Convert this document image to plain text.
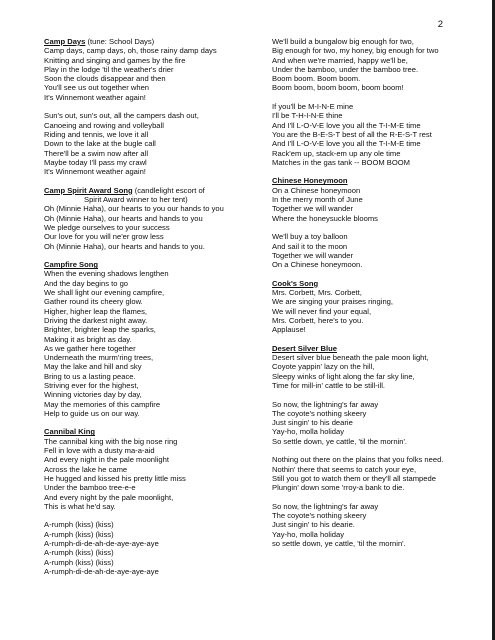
2

Camp Days (tune: School Days)

Camp days, camp days, oh, those rainy damp days

Knitting and singing and games by the fire

Play in the lodge 'til the weather's drier

Soon the clouds disappear and then

You'll see us out together when

It's Winnemont weather again!

Sun's out, sun's out, all the campers dash out,

Canoeing and rowing and volleyball

Riding and tennis, we love it all

Down to the lake at the bugle call

There'll be a swim now after all

Maybe today I'll pass my crawl

It's Winnemont weather again!

Camp Spirit Award Song (candlelight escort of

Spirit Award winner to her tent)

Oh (Minnie Haha), our hearts to you our hands to you

Oh (Minnie Haha), our hearts and hands to you

We pledge ourselves to your success

Our love for you will ne'er grow less

Oh (Minnie Haha), our hearts and hands to you.

Campfire Song

When the evening shadows lengthen

And the day begins to go

We shall light our evening campfire,

Gather round its cheery glow.

Higher, higher leap the flames,

Driving the darkest night away.

Brighter, brighter leap the sparks,

Making it as bright as day.

As we gather here together

Underneath the murm'ring trees,

May the lake and hill and sky

Bring to us a lasting peace.

Striving ever for the highest,

Winning victories day by day,

May the memories of this campfire

Help to guide us on our way.

Cannibal King

The cannibal king with the big nose ring

Fell in love with a dusty ma-a-aid

And every night in the pale moonlight

Across the lake he came

He hugged and kissed his pretty little miss

Under the bamboo tree-e-e

And every night by the pale moonlight,

This is what he'd say.

A-rumph (kiss) (kiss)

A-rumph (kiss) (kiss)

A-rumph-di-de-ah-de-aye-aye-aye

A-rumph (kiss) (kiss)

A-rumph (kiss) (kiss)

A-rumph-di-de-ah-de-aye-aye-aye

We'll build a bungalow big enough for two,

Big enough for two, my honey, big enough for two

And when we're married, happy we'll be,

Under the bamboo, under the bamboo tree.

Boom boom. Boom boom.

Boom boom, boom boom, boom boom!

If you'll be M-I-N-E mine

I'll be T-H-I-N-E thine

And I'll L-O-V-E love you all the T-I-M-E time

You are the B-E-S-T best of all the R-E-S-T rest

And I'll L-O-V-E love you all the T-I-M-E time

Rack'em up, stack-em up any ole time

Matches in the gas tank -- BOOM BOOM

Chinese Honeymoon

On a Chinese honeymoon

In the merry month of June

Together we will wander

Where the honeysuckle blooms

We'll buy a toy balloon

And sail it to the moon

Together we will wander

On a Chinese honeymoon.

Cook's Song

Mrs. Corbett, Mrs. Corbett,

We are singing your praises ringing,

We will never find your equal,

Mrs. Corbett, here's to you.

Applause!

Desert Silver Blue

Desert silver blue beneath the pale moon light,

Coyote yappin' lazy on the hill,

Sleepy winks of light along the far sky line,

Time for mill-in' cattle to be still-ill.

So now, the lightning's far away

The coyote's nothing skeery

Just singin' to his dearie

Yay-ho, molla holiday

So settle down, ye cattle, 'til the mornin'.

Nothing out there on the plains that you folks need.

Nothin' there that seems to catch your eye,

Still you got to watch them or they'll all stampede

Plungin' down some 'rroy-a bank to die.

So now, the lightning's far away

The coyote's nothing skeery

Just singin' to his dearie.

Yay-ho, molla holiday

so settle down, ye cattle, 'til the mornin'.
